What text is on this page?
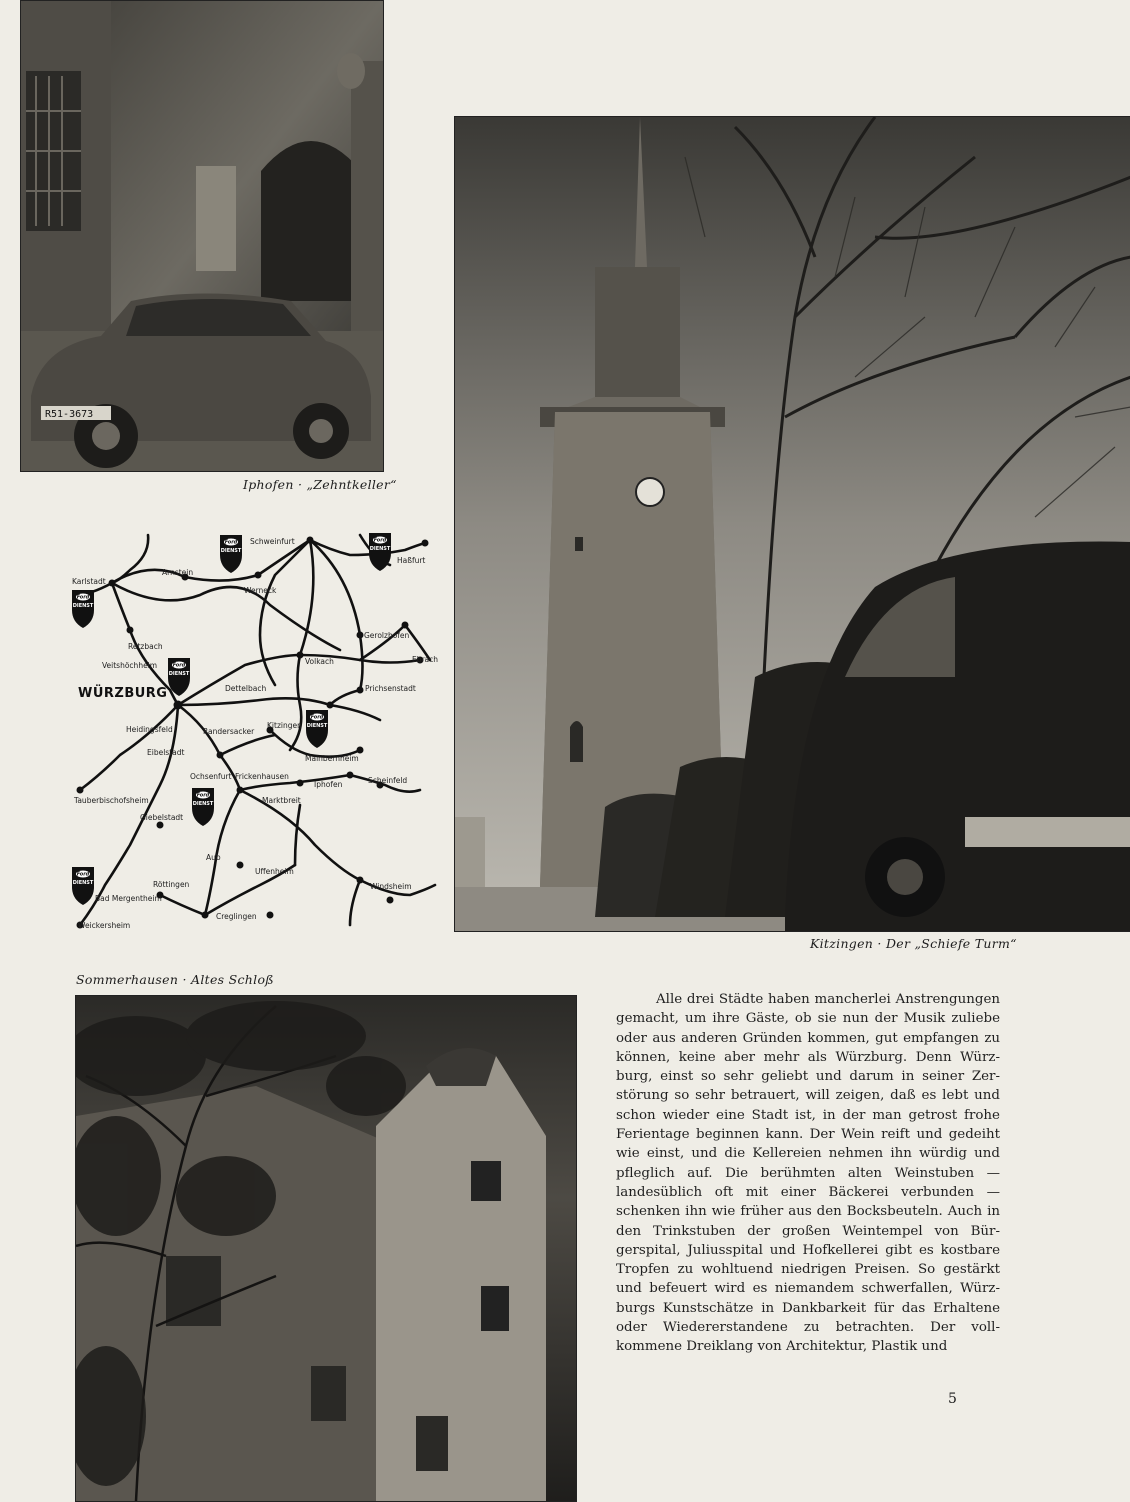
R51-3673
Iphofen · „Zehntkeller“
Kitzingen · Der „Schiefe Turm“
Ford
DIENST
Ford
DIENST
Ford
DIENST
Ford
DIENST
Ford
DIENST
Ford
DIENST
Ford
DIENST
Schweinfurt
Haßfurt
Karlstadt
Arnstein
Werneck
Retzbach
Gerolzhofen
Veitshöchheim	Volkach	Ebrach
WÜRZBURG	Dettelbach	Prichsenstadt
Heidingsfeld	Randersacker
Kitzingen
Eibelstadt
Mainbernheim
Ochsenfurt Frickenhausen	Scheinfeld
Iphofen
Tauberbischofsheim	Marktbreit
Giebelstadt
Aub
Uffenheim
Röttingen	Windsheim
Bad Mergentheim
Creglingen
Weickersheim
Sommerhausen · Altes Schloß

Alle drei Städte haben mancherlei Anstrengungen gemacht, um ihre Gäste, ob sie nun der Musik zuliebe oder aus anderen Gründen kommen, gut empfangen zu können, keine aber mehr als Würzburg. Denn Würzburg, einst so sehr geliebt und darum in seiner Zerstörung so sehr betrauert, will zeigen, daß es lebt und schon wieder eine Stadt ist, in der man getrost frohe Ferientage beginnen kann. Der Wein reift und gedeiht wie einst, und die Kellereien nehmen ihn würdig und pfleglich auf. Die berühmten alten Weinstuben — landesüblich oft mit einer Bäckerei verbunden — schenken ihn wie früher aus den Bocksbeuteln. Auch in den Trinkstuben der großen Weintempel von Bürgerspital, Juliusspital und Hofkellerei gibt es kostbare Tropfen zu wohltuend niedrigen Preisen. So gestärkt und befeuert wird es niemandem schwerfallen, Würzburgs Kunstschätze in Dankbarkeit für das Erhaltene oder Wiedererstandene zu betrachten. Der vollkommene Dreiklang von Architektur, Plastik und

5
